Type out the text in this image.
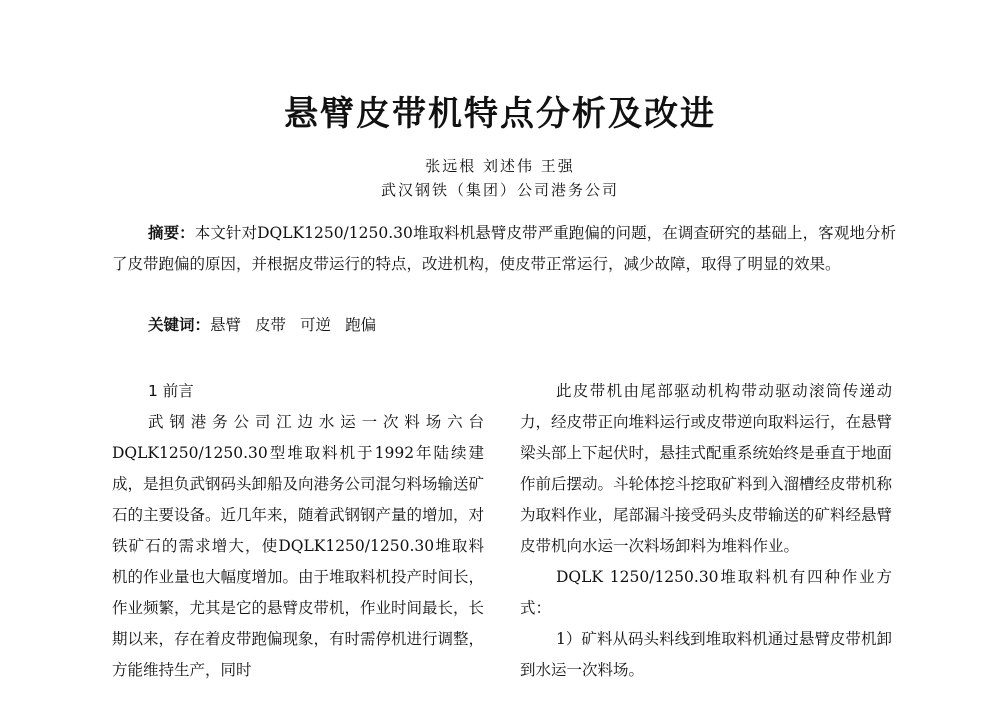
悬臂皮带机特点分析及改进
张远根 刘述伟 王强
武汉钢铁（集团）公司港务公司

摘要：本文针对DQLK1250/1250.30堆取料机悬臂皮带严重跑偏的问题，在调查研究的基础上，客观地分析了皮带跑偏的原因，并根据皮带运行的特点，改进机构，使皮带正常运行，减少故障，取得了明显的效果。

关键词：悬臂 皮带 可逆 跑偏

1 前言

武钢港务公司江边水运一次料场六台DQLK1250/1250.30型堆取料机于1992年陆续建成，是担负武钢码头卸船及向港务公司混匀料场输送矿石的主要设备。近几年来，随着武钢钢产量的增加，对铁矿石的需求增大，使DQLK1250/1250.30堆取料机的作业量也大幅度增加。由于堆取料机投产时间长，作业频繁，尤其是它的悬臂皮带机，作业时间最长，长期以来，存在着皮带跑偏现象，有时需停机进行调整，方能维持生产，同时

此皮带机由尾部驱动机构带动驱动滚筒传递动力，经皮带正向堆料运行或皮带逆向取料运行，在悬臂梁头部上下起伏时，悬挂式配重系统始终是垂直于地面作前后摆动。斗轮体挖斗挖取矿料到入溜槽经皮带机称为取料作业，尾部漏斗接受码头皮带输送的矿料经悬臂皮带机向水运一次料场卸料为堆料作业。

DQLK 1250/1250.30堆取料机有四种作业方式：

1）矿料从码头料线到堆取料机通过悬臂皮带机卸到水运一次料场。
